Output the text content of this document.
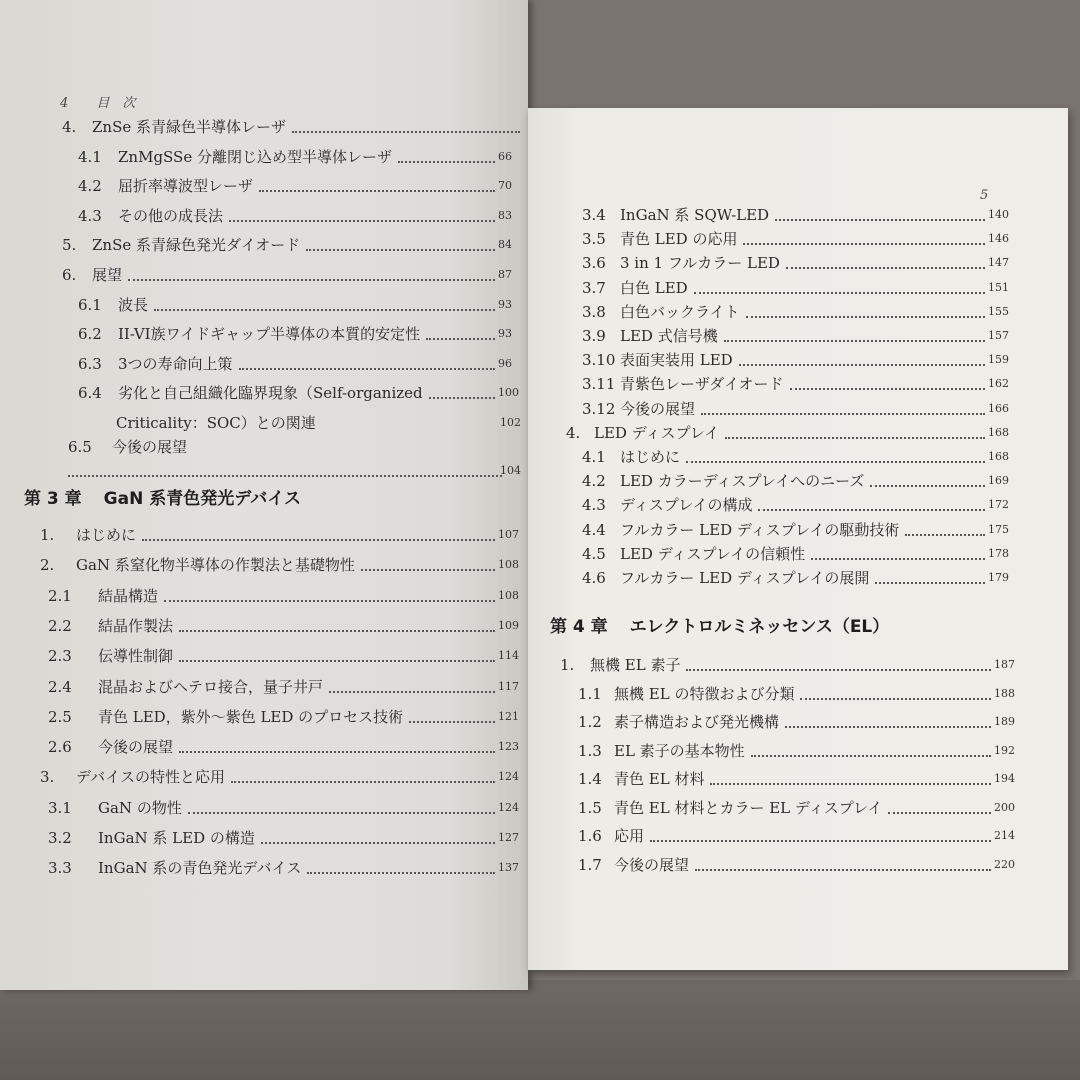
4 目　次
4. ZnSe 系青緑色半導体レーザ
4.1 ZnMgSSe 分離閉じ込め型半導体レーザ	66
4.2 屈折率導波型レーザ	70
4.3 その他の成長法	83
5. ZnSe 系青緑色発光ダイオード	84
6. 展望	87
6.1 波長	93
6.2 II-VI族ワイドギャップ半導体の本質的安定性	93
6.3 3つの寿命向上策	96
6.4 劣化と自己組織化臨界現象（Self-organized	100
Criticality：SOC）との関連	102
6.5 今後の展望
104
第 3 章 GaN 系青色発光デバイス
1. はじめに	107
2. GaN 系窒化物半導体の作製法と基礎物性	108
2.1 結晶構造	108
2.2 結晶作製法	109
2.3 伝導性制御	114
2.4 混晶およびヘテロ接合，量子井戸	117
2.5 青色 LED，紫外～紫色 LED のプロセス技術	121
2.6 今後の展望	123
3. デバイスの特性と応用	124
3.1 GaN の物性	124
3.2 InGaN 系 LED の構造	127
3.3 InGaN 系の青色発光デバイス	137
5
3.4 InGaN 系 SQW-LED	140
3.5 青色 LED の応用	146
3.6 3 in 1 フルカラー LED	147
3.7 白色 LED	151
3.8 白色バックライト	155
3.9 LED 式信号機	157
3.10 表面実装用 LED	159
3.11 青紫色レーザダイオード	162
3.12 今後の展望	166
4. LED ディスプレイ	168
4.1 はじめに	168
4.2 LED カラーディスプレイへのニーズ	169
4.3 ディスプレイの構成	172
4.4 フルカラー LED ディスプレイの駆動技術	175
4.5 LED ディスプレイの信頼性	178
4.6 フルカラー LED ディスプレイの展開	179
第 4 章 エレクトロルミネッセンス（EL）
1. 無機 EL 素子	187
1.1 無機 EL の特徴および分類	188
1.2 素子構造および発光機構	189
1.3 EL 素子の基本物性	192
1.4 青色 EL 材料	194
1.5 青色 EL 材料とカラー EL ディスプレイ	200
1.6 応用	214
1.7 今後の展望	220
